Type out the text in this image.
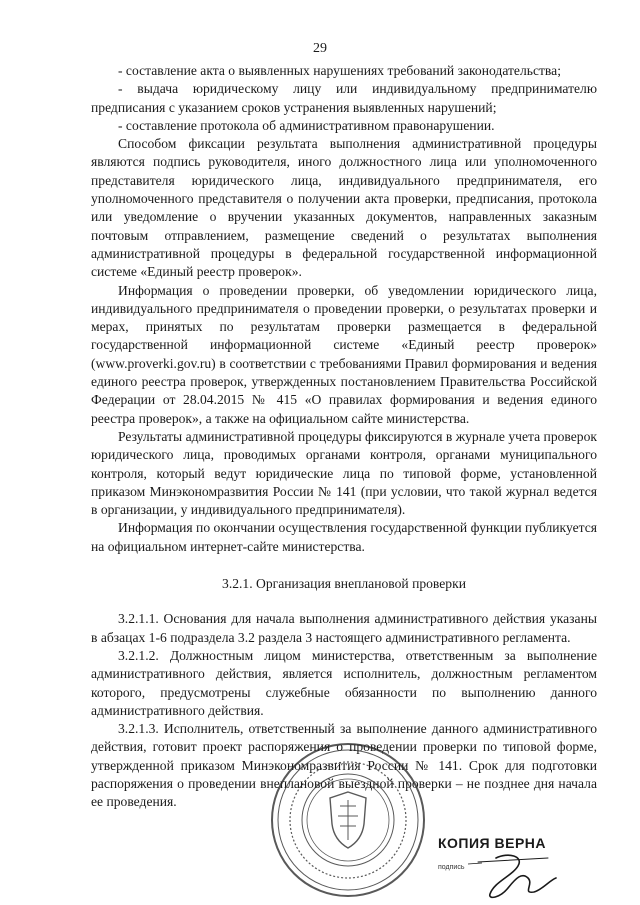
29

- составление акта о выявленных нарушениях требований законодательства;

- выдача юридическому лицу или индивидуальному предпринимателю предписания с указанием сроков устранения выявленных нарушений;

- составление протокола об административном правонарушении.

Способом фиксации результата выполнения административной процедуры являются подпись руководителя, иного должностного лица или уполномоченного представителя юридического лица, индивидуального предпринимателя, его уполномоченного представителя о получении акта проверки, предписания, протокола или уведомление о вручении указанных документов, направленных заказным почтовым отправлением, размещение сведений о результатах выполнения административной процедуры в федеральной государственной информационной системе «Единый реестр проверок».

Информация о проведении проверки, об уведомлении юридического лица, индивидуального предпринимателя о проведении проверки, о результатах проверки и мерах, принятых по результатам проверки размещается в федеральной государственной информационной системе «Единый реестр проверок» (www.proverki.gov.ru) в соответствии с требованиями Правил формирования и ведения единого реестра проверок, утвержденных постановлением Правительства Российской Федерации от 28.04.2015 № 415 «О правилах формирования и ведения единого реестра проверок», а также на официальном сайте министерства.

Результаты административной процедуры фиксируются в журнале учета проверок юридического лица, проводимых органами контроля, органами муниципального контроля, который ведут юридические лица по типовой форме, установленной приказом Минэкономразвития России № 141 (при условии, что такой журнал ведется в организации, у индивидуального предпринимателя).

Информация по окончании осуществления государственной функции публикуется на официальном интернет-сайте министерства.

3.2.1. Организация внеплановой проверки

3.2.1.1. Основания для начала выполнения административного действия указаны в абзацах 1-6 подраздела 3.2 раздела 3 настоящего административного регламента.

3.2.1.2. Должностным лицом министерства, ответственным за выполнение административного действия, является исполнитель, должностным регламентом которого, предусмотрены служебные обязанности по выполнению данного административного действия.

3.2.1.3. Исполнитель, ответственный за выполнение данного административного действия, готовит проект распоряжения о проведении проверки по типовой форме, утвержденной приказом Минэкономразвития России № 141. Срок для подготовки распоряжения о проведении внеплановой выездной проверки – не позднее дня начала ее проведения.

КОПИЯ ВЕРНА
подпись
